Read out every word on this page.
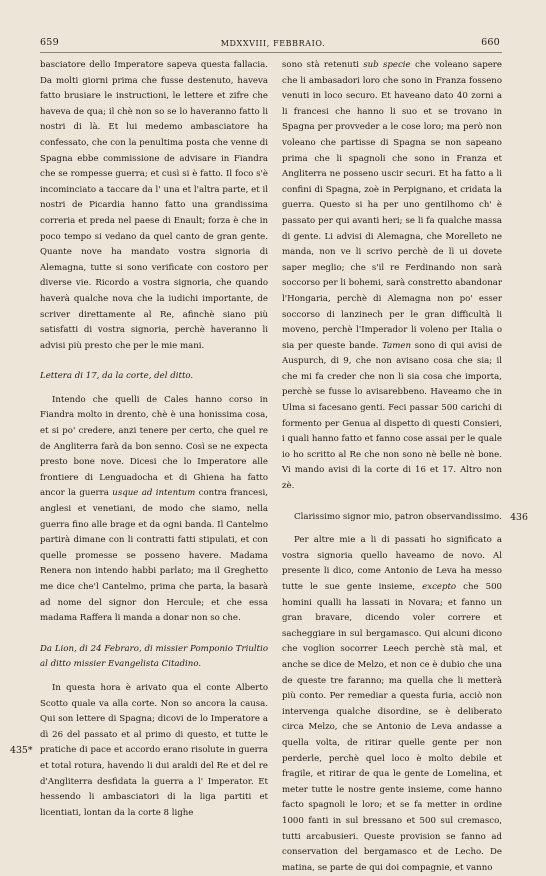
659	MDXXVIII, FEBBRAIO.	660

basciatore dello Imperatore sapeva questa fallacia. Da molti giorni prima che fusse destenuto, haveva fatto brusiare le instructioni, le lettere et zifre che haveva de qua; il chè non so se lo haveranno fatto li nostri di là. Et lui medemo ambasciatore ha confessato, che con la penultima posta che venne di Spagna ebbe commissione de advisare in Fiandra che se rompesse guerra; et cusì si è fatto. Il foco s'è incominciato a taccare da l' una et l'altra parte, et il nostri de Picardia hanno fatto una grandissima correria et preda nel paese di Enault; forza è che in poco tempo si vedano da quel canto de gran gente. Quante nove ha mandato vostra signoria di Alemagna, tutte si sono verificate con costoro per diverse vie. Ricordo a vostra signoria, che quando haverà qualche nova che la iudichi importante, de scriver direttamente al Re, afinchè siano più satisfatti di vostra signoria, perchè haveranno li advisi più presto che per le mie mani.

Lettera di 17, da la corte, del ditto.

Intendo che quelli de Cales hanno corso in Fiandra molto in drento, chè è una honissima cosa, et si po' credere, anzi tenere per certo, che quel re de Angliterra farà da bon senno. Così se ne expecta presto bone nove. Dicesi che lo Imperatore alle frontiere di Lenguadocha et di Ghiena ha fatto ancor la guerra usque ad intentum contra francesi, anglesi et venetiani, de modo che siamo, nella guerra fino alle brage et da ogni banda. Il Cantelmo partirà dimane con li contratti fatti stipulati, et con quelle promesse se posseno havere. Madama Renera non intendo habbi parlato; ma il Greghetto me dice che'l Cantelmo, prima che parta, la basarà ad nome del signor don Hercule; et che essa madama Raffera li manda a donar non so che.

Da Lion, di 24 Febraro, di missier Pomponio Triultio al ditto missier Evangelista Citadino.

In questa hora è arivato qua el conte Alberto Scotto quale va alla corte. Non so ancora la causa. Qui son lettere di Spagna; dicovi de lo Imperatore a dì 26 del passato et al primo di questo, et tutte le pratiche di pace et accordo erano risolute in guerra et total rotura, havendo li dui araldi del Re et del re d'Angliterra desfidata la guerra a l' Imperator. Et hessendo li ambasciatori di la liga partiti et licentiati, lontan da la corte 8 lighe

sono stà retenuti sub specie che voleano sapere che li ambasadori loro che sono in Franza fosseno venuti in loco securo. Et haveano dato 40 zorni a li francesi che hanno li suo et se trovano in Spagna per provveder a le cose loro; ma però non voleano che partisse di Spagna se non sapeano prima che li spagnoli che sono in Franza et Angliterra ne posseno uscir securi. Et ha fatto a li confini di Spagna, zoè in Perpignano, et cridata la guerra. Questo si ha per uno gentilhomo ch' è passato per qui avanti heri; se li fa qualche massa di gente. Li advisi di Alemagna, che Morelleto ne manda, non ve li scrivo perchè de lì ui dovete saper meglio; che s'il re Ferdinando non sarà soccorso per li bohemi, sarà constretto abandonar l'Hongaria, perchè di Alemagna non po' esser soccorso di lanzinech per le gran difficultà li moveno, perchè l'Imperador li voleno per Italia o sia per queste bande. Tamen sono di qui avisi de Auspurch, di 9, che non avisano cosa che sia; il che mi fa creder che non li sia cosa che importa, perchè se fusse lo avisarebbeno. Haveamo che in Ulma si facesano genti. Feci passar 500 carichi di formento per Genua al dispetto di questi Consieri, i quali hanno fatto et fanno cose assai per le quale io ho scritto al Re che non sono nè belle nè bone. Vi mando avisi di la corte di 16 et 17. Altro non zè.

Clarissimo signor mio, patron observandissimo.

Per altre mie a li di passati ho significato a vostra signoria quello haveamo de novo. Al presente li dico, come Antonio de Leva ha messo tutte le sue gente insieme, excepto che 500 homini qualli ha lassati in Novara; et fanno un gran bravare, dicendo voler correre et sacheggiare in sul bergamasco. Qui alcuni dicono che voglion socorrer Leech perchè stà mal, et anche se dice de Melzo, et non ce è dubio che una de queste tre faranno; ma quella che li metterà più conto. Per remediar a questa furia, acciò non intervenga qualche disordine, se è deliberato circa Melzo, che se Antonio de Leva andasse a quella volta, de ritirar quelle gente per non perderle, perchè quel loco è molto debile et fragile, et ritirar de qua le gente de Lomelina, et meter tutte le nostre gente insieme, come hanno facto spagnoli le loro; et se fa metter in ordine 1000 fanti in sul bressano et 500 sul cremasco, tutti arcabusieri. Queste provision se fanno ad conservation del bergamasco et de Lecho. De matina, se parte de qui doi compagnie, et vanno

435*
436
